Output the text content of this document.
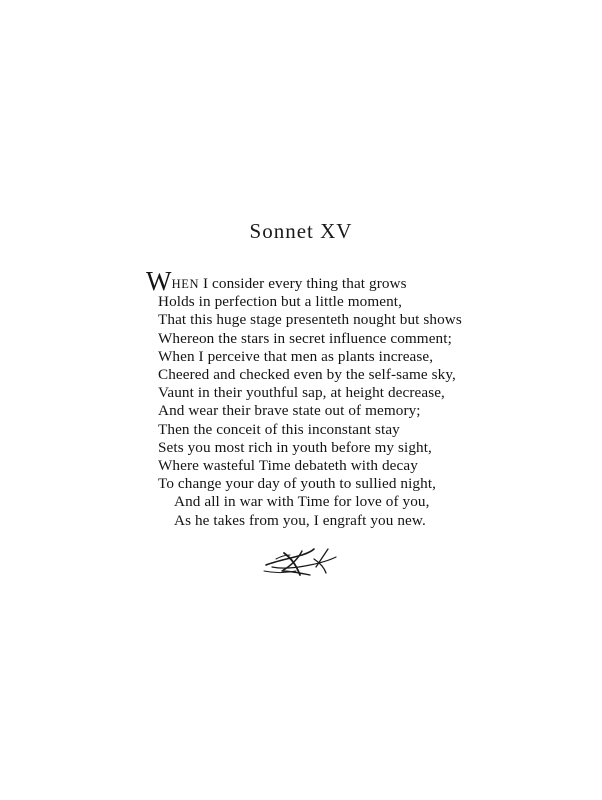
Sonnet XV
WHEN I consider every thing that grows
Holds in perfection but a little moment,
That this huge stage presenteth nought but shows
Whereon the stars in secret influence comment;
When I perceive that men as plants increase,
Cheered and checked even by the self-same sky,
Vaunt in their youthful sap, at height decrease,
And wear their brave state out of memory;
Then the conceit of this inconstant stay
Sets you most rich in youth before my sight,
Where wasteful Time debateth with decay
To change your day of youth to sullied night,
And all in war with Time for love of you,
As he takes from you, I engraft you new.
